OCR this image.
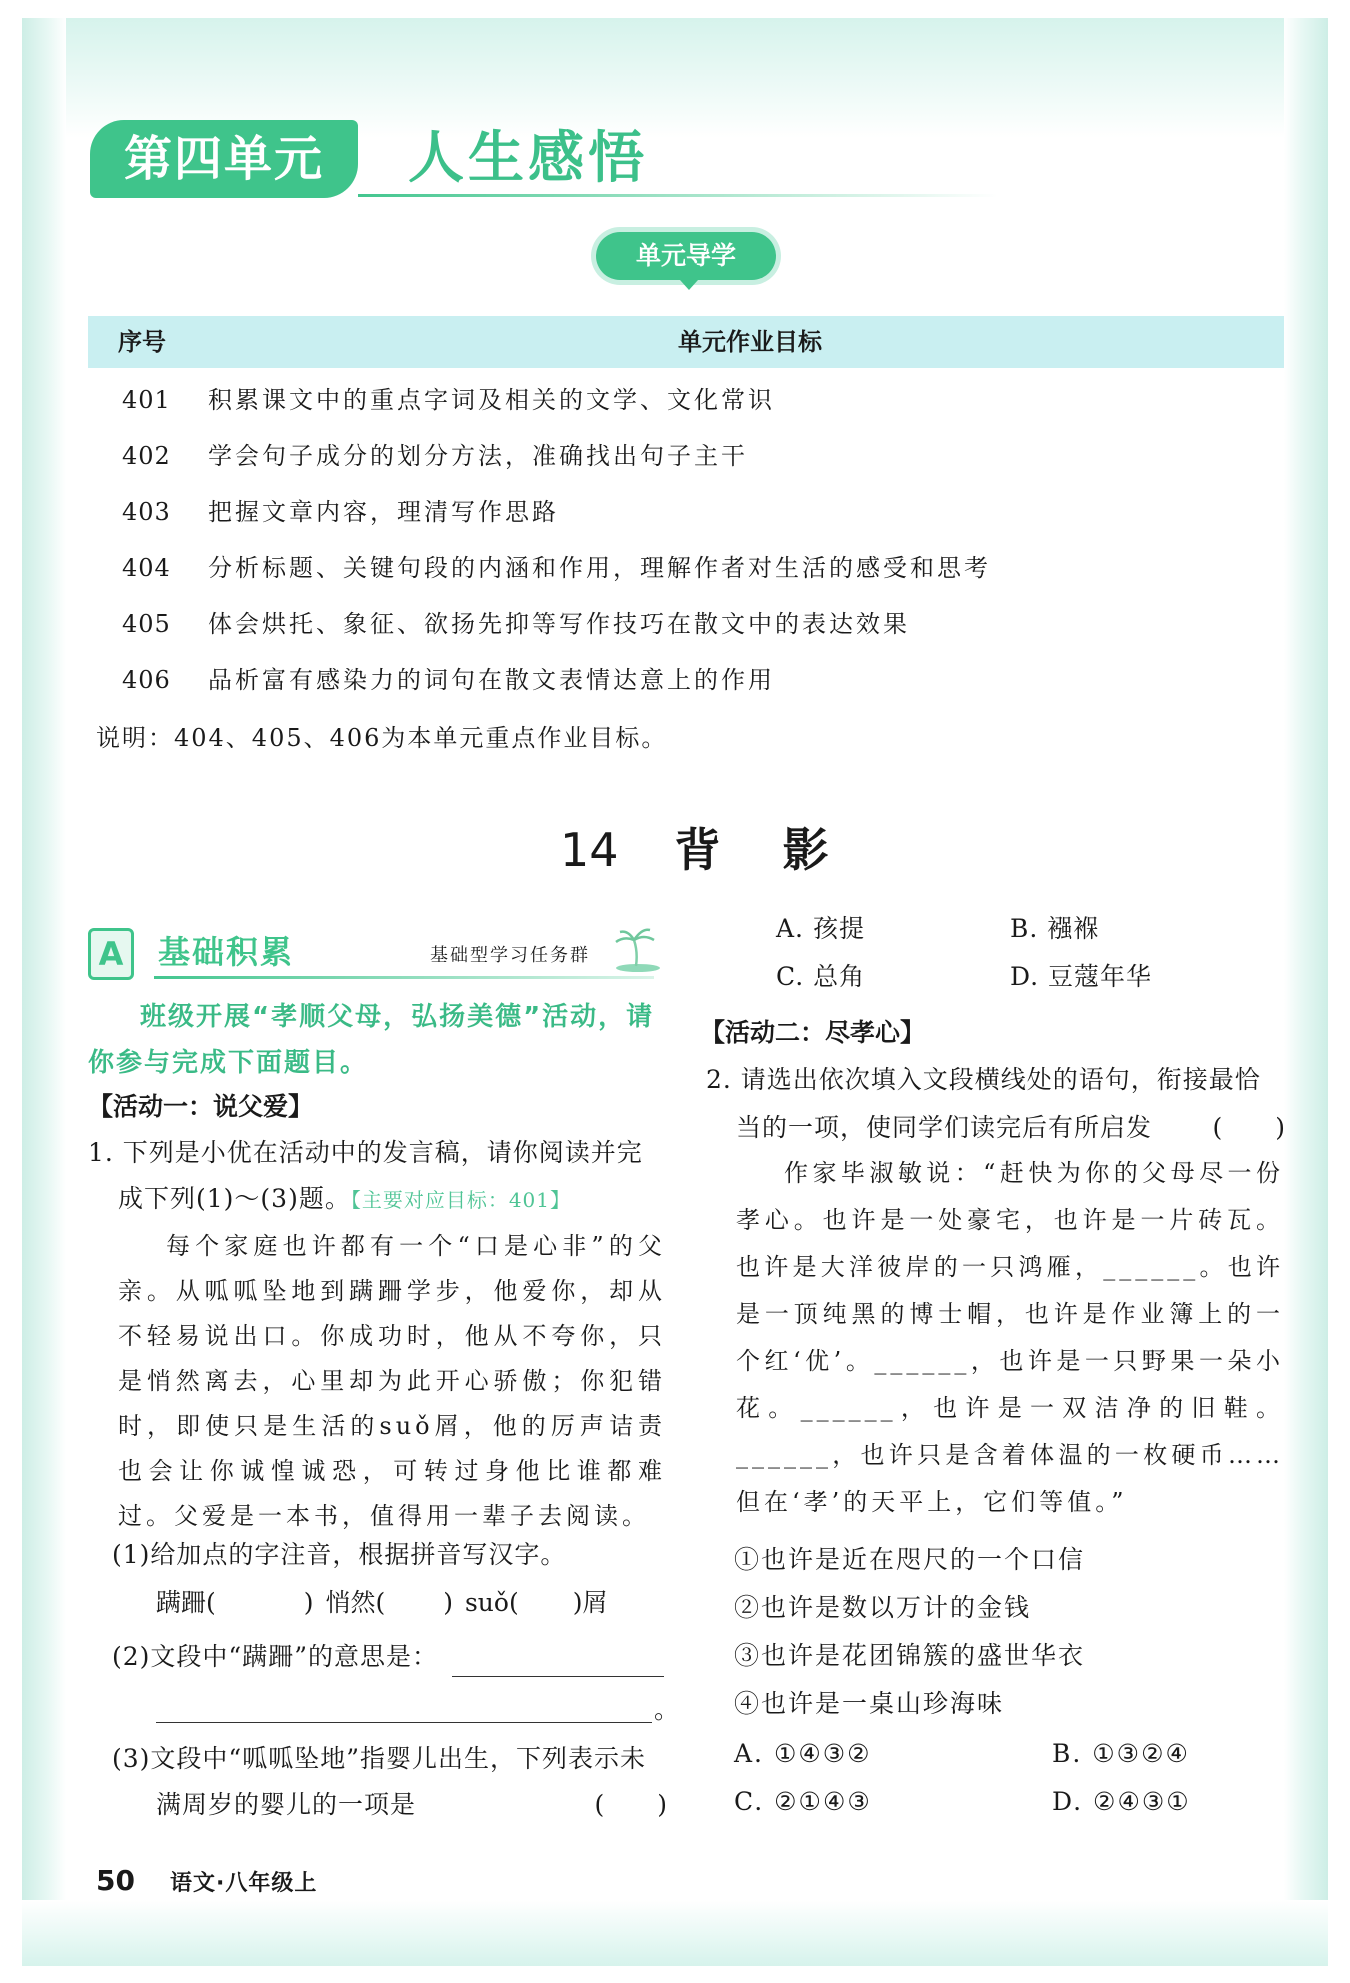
第四单元	人生感悟
单元导学
序号	单元作业目标
401 积累课文中的重点字词及相关的文学、文化常识
402 学会句子成分的划分方法，准确找出句子主干
403 把握文章内容，理清写作思路
404 分析标题、关键句段的内涵和作用，理解作者对生活的感受和思考
405 体会烘托、象征、欲扬先抑等写作技巧在散文中的表达效果
406 品析富有感染力的词句在散文表情达意上的作用
说明：404、405、406为本单元重点作业目标。
14 背影
A	基础积累	基础型学习任务群
班级开展“孝顺父母，弘扬美德”活动，请你参与完成下面题目。
【活动一：说父爱】
1. 下列是小优在活动中的发言稿，请你阅读并完成下列(1)～(3)题。【主要对应目标：401】
每个家庭也许都有一个“口是心非”的父亲。从呱呱坠地到蹒跚学步，他爱你，却从不轻易说出口。你成功时，他从不夸你，只是悄然离去，心里却为此开心骄傲；你犯错时，即使只是生活的suǒ屑，他的厉声诘责也会让你诚惶诚恐，可转过身他比谁都难过。父爱是一本书，值得用一辈子去阅读。
(1)给加点的字注音，根据拼音写汉字。
蹒跚(	) 悄然( ) suǒ( )屑
(2)文段中“蹒跚”的意思是：
。
(3)文段中“呱呱坠地”指婴儿出生，下列表示未满周岁的婴儿的一项是	(　　)
A. 孩提	B. 襁褓
C. 总角	D. 豆蔻年华
【活动二：尽孝心】
2. 请选出依次填入文段横线处的语句，衔接最恰当的一项，使同学们读完后有所启发 (　　)
作家毕淑敏说：“赶快为你的父母尽一份孝心。也许是一处豪宅，也许是一片砖瓦。也许是大洋彼岸的一只鸿雁，______。也许是一顶纯黑的博士帽，也许是作业簿上的一个红‘优’。______，也许是一只野果一朵小花。______，也许是一双洁净的旧鞋。______，也许只是含着体温的一枚硬币……但在‘孝’的天平上，它们等值。”
①也许是近在咫尺的一个口信
②也许是数以万计的金钱
③也许是花团锦簇的盛世华衣
④也许是一桌山珍海味
A. ①④③②	B. ①③②④
C. ②①④③	D. ②④③①
50 语文·八年级上
